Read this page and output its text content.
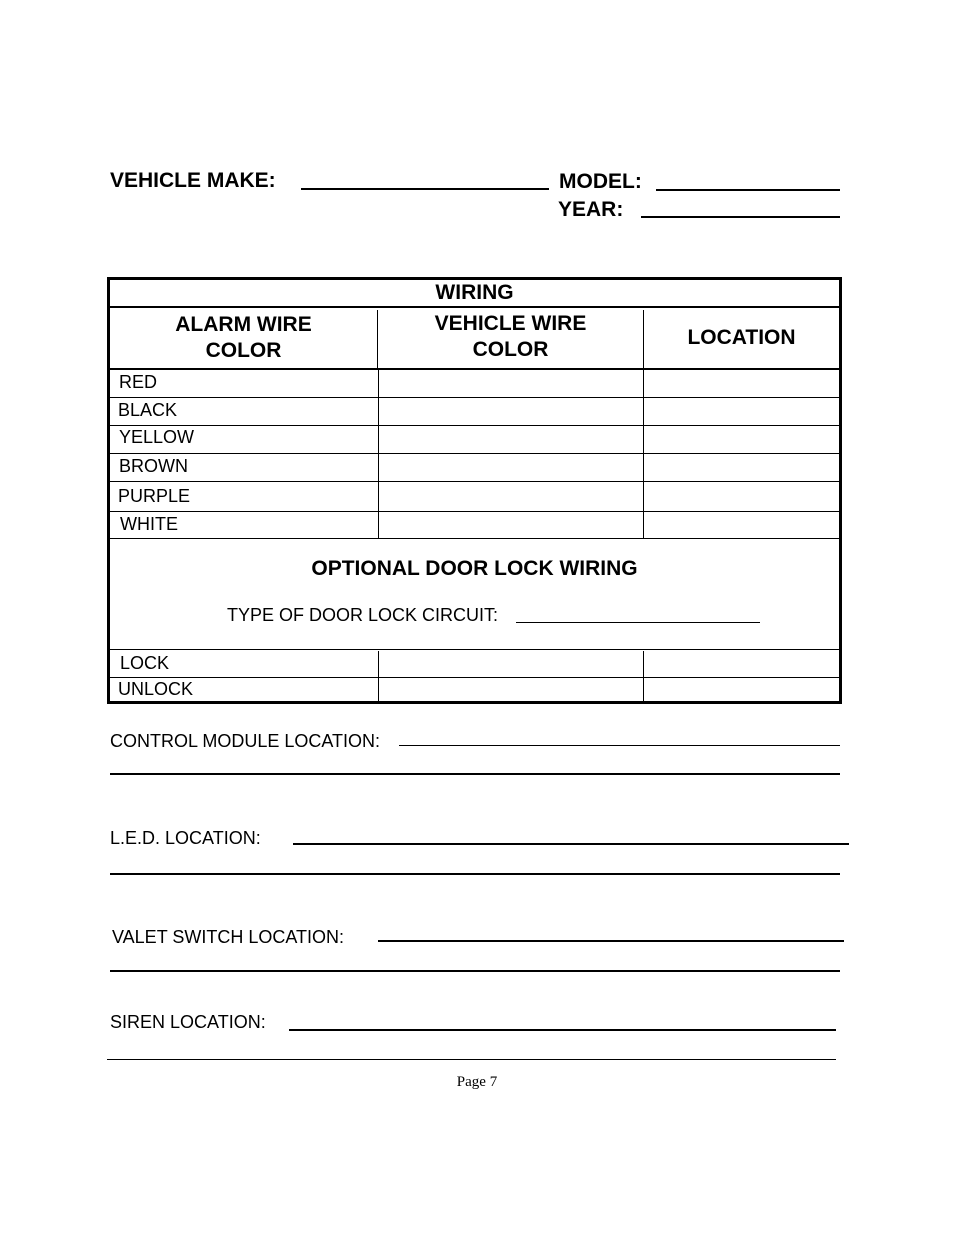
VEHICLE MAKE:	MODEL:
YEAR:
WIRING
ALARM WIRE
COLOR
VEHICLE WIRE
COLOR
LOCATION
RED
BLACK
YELLOW
BROWN
PURPLE
WHITE
OPTIONAL DOOR LOCK WIRING
TYPE OF DOOR LOCK CIRCUIT:
LOCK
UNLOCK
CONTROL MODULE LOCATION:
L.E.D. LOCATION:
VALET SWITCH LOCATION:
SIREN LOCATION:
Page 7
